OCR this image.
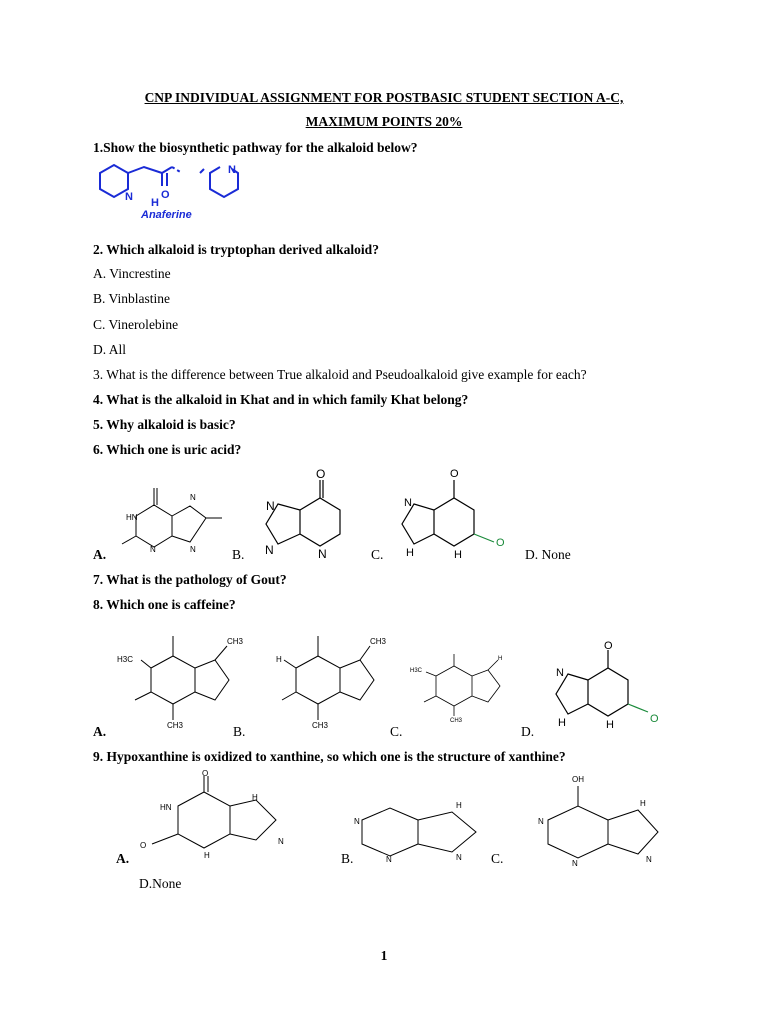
CNP INDIVIDUAL ASSIGNMENT FOR POSTBASIC STUDENT SECTION A-C,
MAXIMUM POINTS 20%
1.Show the biosynthetic pathway for the alkaloid below?
N H
O
N
Anaferine
2. Which alkaloid is tryptophan derived alkaloid?
A. Vincrestine
B. Vinblastine
C. Vinerolebine
D. All
3. What is the difference between True alkaloid and Pseudoalkaloid give example for each?
4. What is the alkaloid in Khat and in which family Khat belong?
5. Why alkaloid is basic?
6. Which one is uric acid?
HN
N
N
N
A.
O
N
N	N
B.
O
N
H	H
O
C.	D. None
7. What is the pathology of Gout?
8. Which one is caffeine?
H3C
CH3
CH3
A.
H
CH3
CH3
B.
H3C
H
CH3
C.
O
N
H	H	O
D.
9. Hypoxanthine is oxidized to xanthine, so which one is the structure of xanthine?
O
HN
H
N
O
H
A.
N
N	N
H
B.
OH
N
N	N
H
C.
D.None
1
